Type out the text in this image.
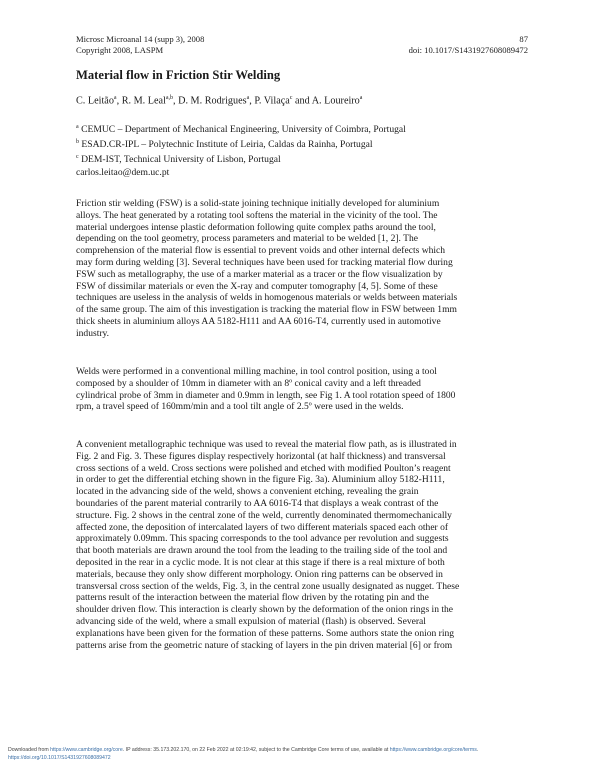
Microsc Microanal 14 (supp 3), 2008
Copyright 2008, LASPM
87
doi: 10.1017/S1431927608089472
Material flow in Friction Stir Welding
C. Leitão$^a$, R. M. Leal$^{a,b}$, D. M. Rodrigues$^a$, P. Vilaça$^c$ and A. Loureiro$^a$
$^a$ CEMUC – Department of Mechanical Engineering, University of Coimbra, Portugal
$^b$ ESAD.CR-IPL – Polytechnic Institute of Leiria, Caldas da Rainha, Portugal
$^c$ DEM-IST, Technical University of Lisbon, Portugal
carlos.leitao@dem.uc.pt
Friction stir welding (FSW) is a solid-state joining technique initially developed for aluminium
alloys. The heat generated by a rotating tool softens the material in the vicinity of the tool. The
material undergoes intense plastic deformation following quite complex paths around the tool,
depending on the tool geometry, process parameters and material to be welded [1, 2]. The
comprehension of the material flow is essential to prevent voids and other internal defects which
may form during welding [3]. Several techniques have been used for tracking material flow during
FSW such as metallography, the use of a marker material as a tracer or the flow visualization by
FSW of dissimilar materials or even the X-ray and computer tomography [4, 5]. Some of these
techniques are useless in the analysis of welds in homogenous materials or welds between materials
of the same group. The aim of this investigation is tracking the material flow in FSW between 1mm
thick sheets in aluminium alloys AA 5182-H111 and AA 6016-T4, currently used in automotive
industry.
Welds were performed in a conventional milling machine, in tool control position, using a tool
composed by a shoulder of 10mm in diameter with an 8º conical cavity and a left threaded
cylindrical probe of 3mm in diameter and 0.9mm in length, see Fig 1. A tool rotation speed of 1800
rpm, a travel speed of 160mm/min and a tool tilt angle of 2.5º were used in the welds.
A convenient metallographic technique was used to reveal the material flow path, as is illustrated in
Fig. 2 and Fig. 3. These figures display respectively horizontal (at half thickness) and transversal
cross sections of a weld. Cross sections were polished and etched with modified Poulton’s reagent
in order to get the differential etching shown in the figure Fig. 3a). Aluminium alloy 5182-H111,
located in the advancing side of the weld, shows a convenient etching, revealing the grain
boundaries of the parent material contrarily to AA 6016-T4 that displays a weak contrast of the
structure. Fig. 2 shows in the central zone of the weld, currently denominated thermomechanically
affected zone, the deposition of intercalated layers of two different materials spaced each other of
approximately 0.09mm. This spacing corresponds to the tool advance per revolution and suggests
that booth materials are drawn around the tool from the leading to the trailing side of the tool and
deposited in the rear in a cyclic mode. It is not clear at this stage if there is a real mixture of both
materials, because they only show different morphology. Onion ring patterns can be observed in
transversal cross section of the welds, Fig. 3, in the central zone usually designated as nugget. These
patterns result of the interaction between the material flow driven by the rotating pin and the
shoulder driven flow. This interaction is clearly shown by the deformation of the onion rings in the
advancing side of the weld, where a small expulsion of material (flash) is observed. Several
explanations have been given for the formation of these patterns. Some authors state the onion ring
patterns arise from the geometric nature of stacking of layers in the pin driven material [6] or from
Downloaded from https://www.cambridge.org/core. IP address: 35.173.202.170, on 22 Feb 2022 at 02:19:42, subject to the Cambridge Core terms of use, available at https://www.cambridge.org/core/terms.
https://doi.org/10.1017/S1431927608089472
